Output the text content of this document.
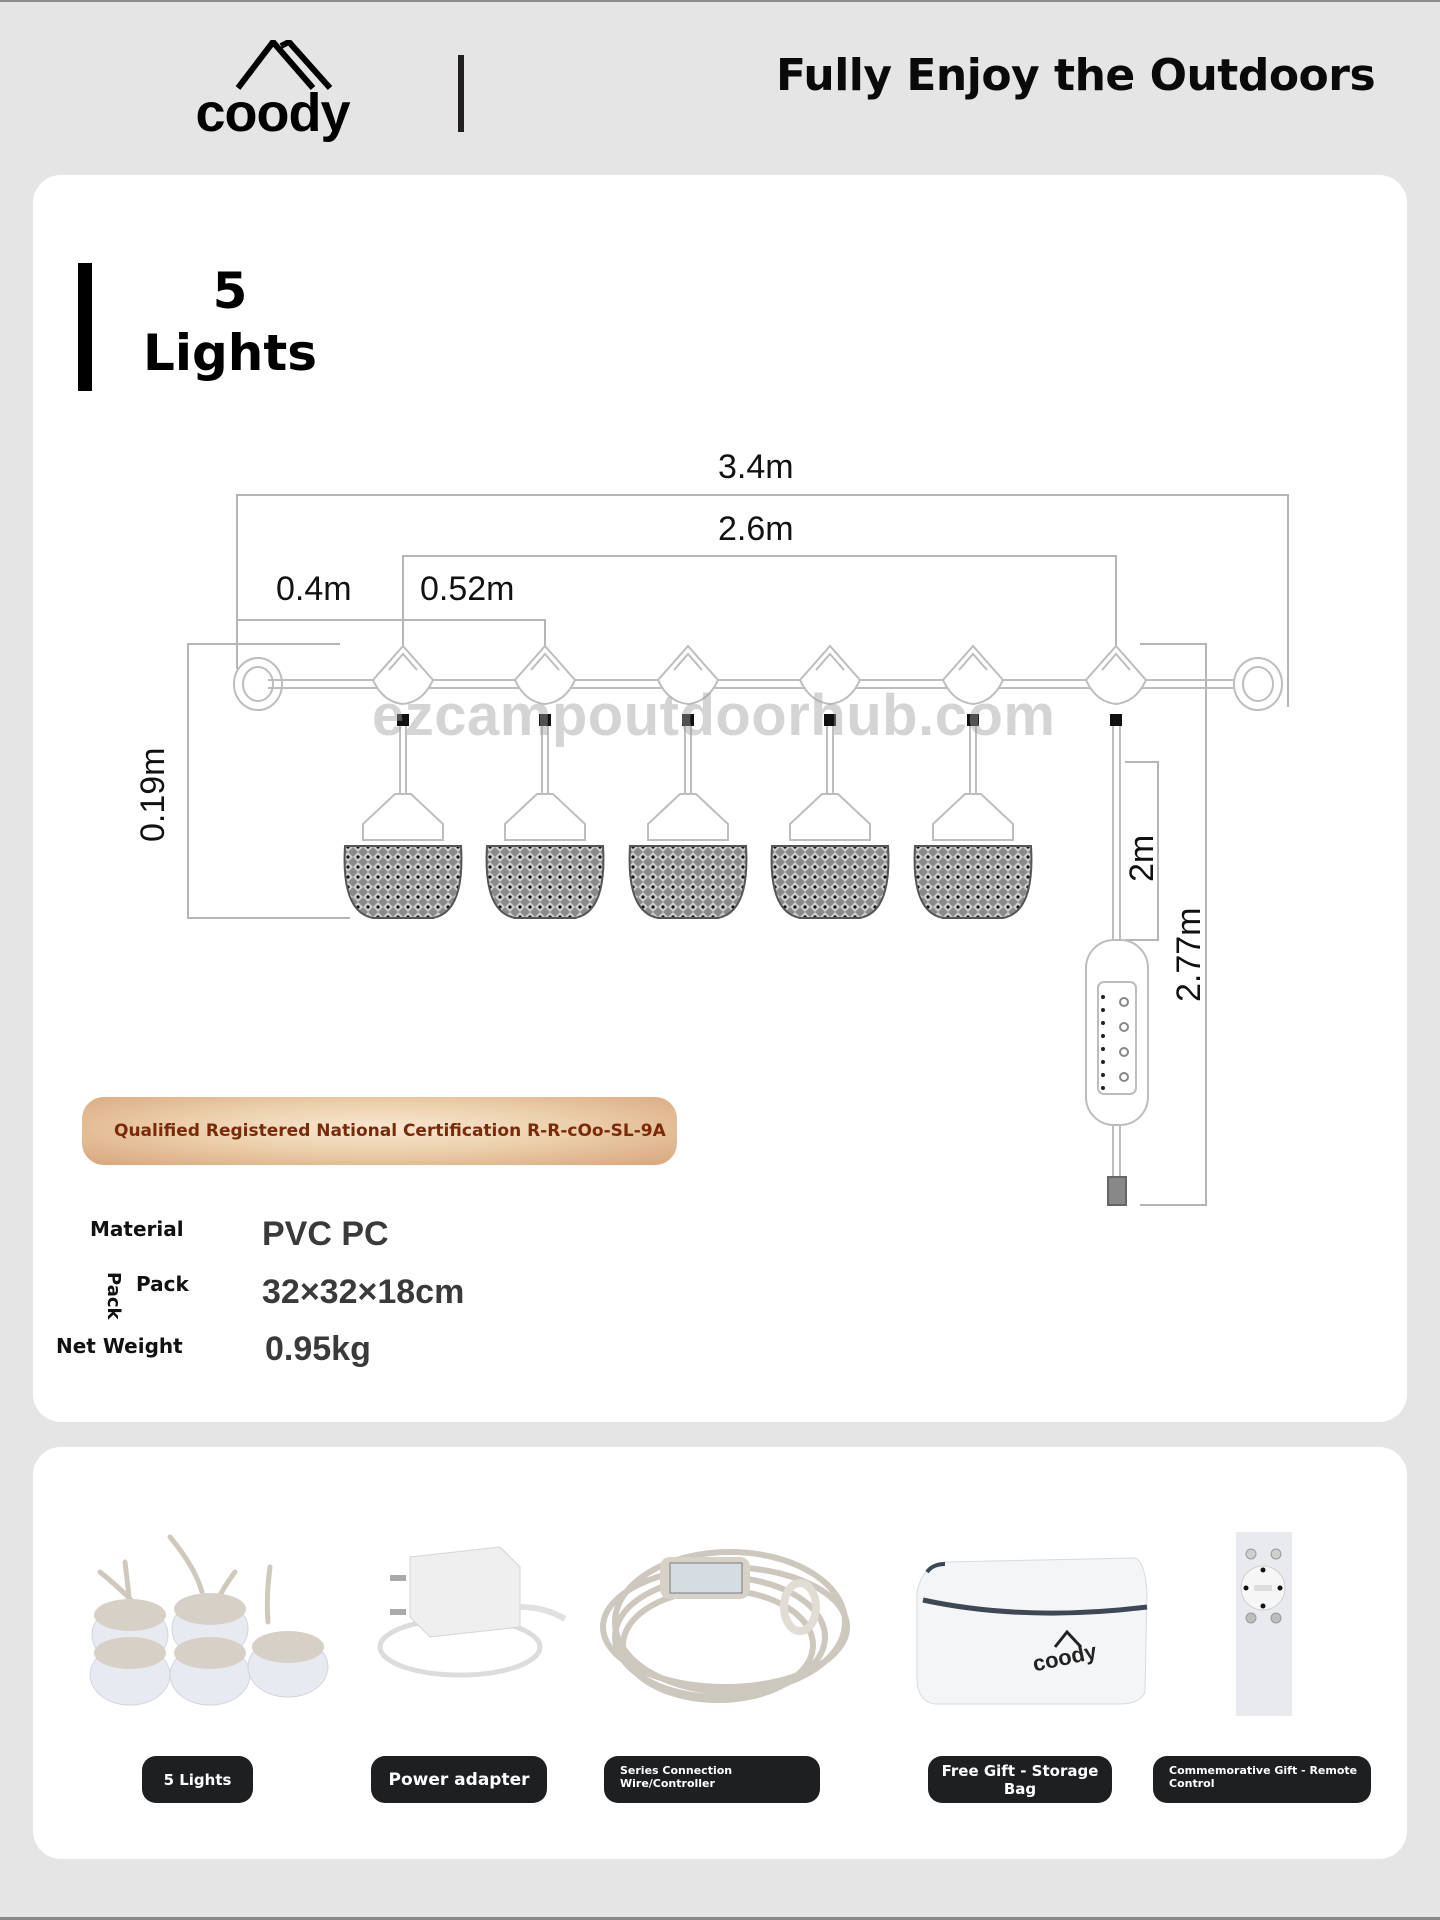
coody
Fully Enjoy the Outdoors
5
Lights
ezcampoutdoorhub.com
3.4m
2.6m
0.4m 0.52m
0.19m
2m
2.77m
Qualified Registered National Certification R-R-cOo-SL-9A
Material PVC PC
Pack Pack 32×32×18cm
Net Weight 0.95kg
coody
5 Lights	Power adapter	Series Connection Wire/Controller
Free Gift - Storage Bag
Commemorative Gift - Remote Control
